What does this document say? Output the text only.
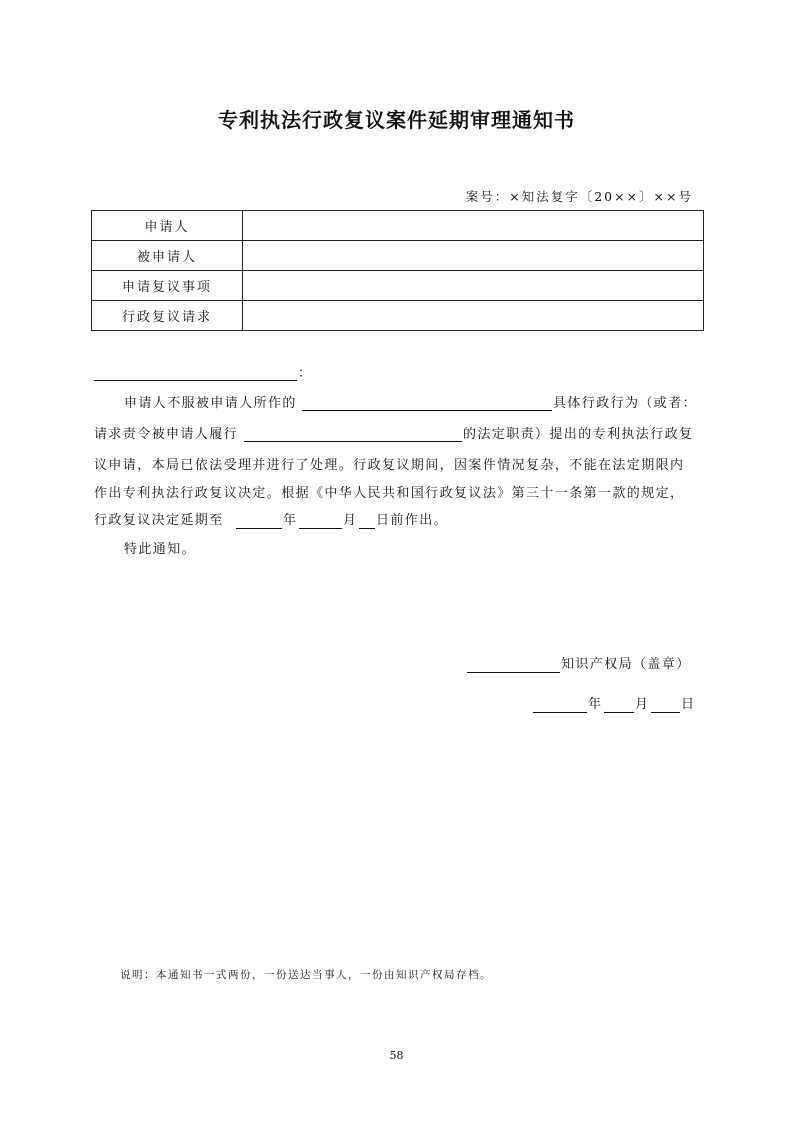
专利执法行政复议案件延期审理通知书
案号：×知法复字〔20××〕××号
申请人	
被申请人	
申请复议事项	
行政复议请求	
：
申请人不服被申请人所作的	具体行政行为（或者：
请求责令被申请人履行	的法定职责）提出的专利执法行政复
议申请，本局已依法受理并进行了处理。行政复议期间，因案件情况复杂，不能在法定期限内
作出专利执法行政复议决定。根据《中华人民共和国行政复议法》第三十一条第一款的规定，
行政复议决定延期至	年	月 日前作出。
特此通知。
知识产权局（盖章）
年	月 日
说明：本通知书一式两份，一份送达当事人，一份由知识产权局存档。
58
